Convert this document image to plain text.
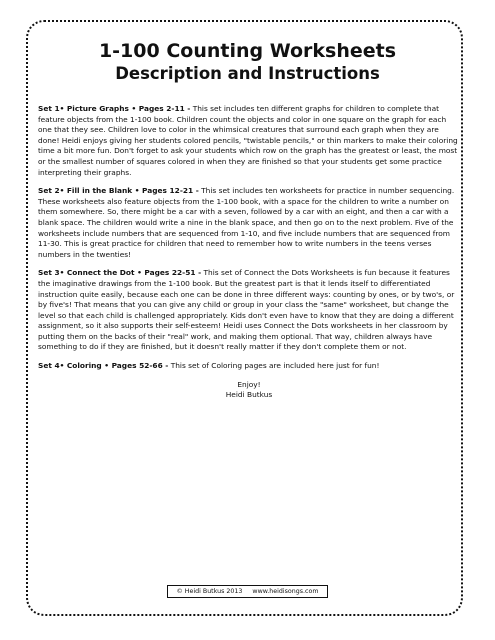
1-100 Counting Worksheets
Description and Instructions

Set 1• Picture Graphs • Pages 2-11 - This set includes ten different graphs for children to complete that feature objects from the 1-100 book. Children count the objects and color in one square on the graph for each one that they see. Children love to color in the whimsical creatures that surround each graph when they are done! Heidi enjoys giving her students colored pencils, "twistable pencils," or thin markers to make their coloring time a bit more fun. Don't forget to ask your students which row on the graph has the greatest or least, the most or the smallest number of squares colored in when they are finished so that your students get some practice interpreting their graphs.

Set 2• Fill in the Blank • Pages 12-21 - This set includes ten worksheets for practice in number sequencing. These worksheets also feature objects from the 1-100 book, with a space for the children to write a number on them somewhere. So, there might be a car with a seven, followed by a car with an eight, and then a car with a blank space. The children would write a nine in the blank space, and then go on to the next problem. Five of the worksheets include numbers that are sequenced from 1-10, and five include numbers that are sequenced from 11-30. This is great practice for children that need to remember how to write numbers in the teens verses numbers in the twenties!

Set 3• Connect the Dot • Pages 22-51 - This set of Connect the Dots Worksheets is fun because it features the imaginative drawings from the 1-100 book. But the greatest part is that it lends itself to differentiated instruction quite easily, because each one can be done in three different ways: counting by ones, or by two's, or by five's! That means that you can give any child or group in your class the "same" worksheet, but change the level so that each child is challenged appropriately. Kids don't even have to know that they are doing a different assignment, so it also supports their self-esteem! Heidi uses Connect the Dots worksheets in her classroom by putting them on the backs of their "real" work, and making them optional. That way, children always have something to do if they are finished, but it doesn't really matter if they don't complete them or not.

Set 4• Coloring • Pages 52-66 - This set of Coloring pages are included here just for fun!

Enjoy!
Heidi Butkus
© Heidi Butkus 2013 www.heidisongs.com
